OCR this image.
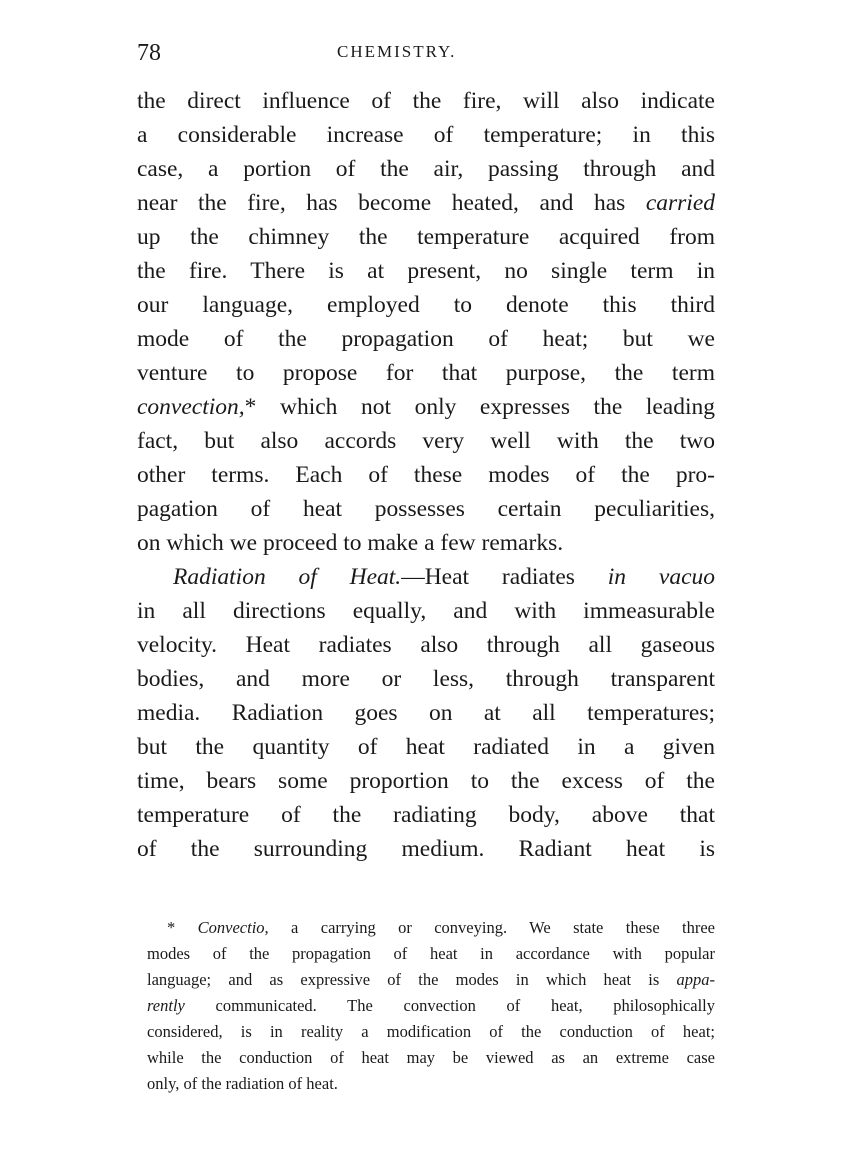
78	CHEMISTRY.
the direct influence of the fire, will also indicate
a considerable increase of temperature; in this
case, a portion of the air, passing through and
near the fire, has become heated, and has carried
up the chimney the temperature acquired from
the fire. There is at present, no single term in
our language, employed to denote this third
mode of the propagation of heat; but we
venture to propose for that purpose, the term
convection,* which not only expresses the leading
fact, but also accords very well with the two
other terms. Each of these modes of the pro-
pagation of heat possesses certain peculiarities,
on which we proceed to make a few remarks.
Radiation of Heat.—Heat radiates in vacuo
in all directions equally, and with immeasurable
velocity. Heat radiates also through all gaseous
bodies, and more or less, through transparent
media. Radiation goes on at all temperatures;
but the quantity of heat radiated in a given
time, bears some proportion to the excess of the
temperature of the radiating body, above that
of the surrounding medium. Radiant heat is
* Convectio, a carrying or conveying. We state these three
modes of the propagation of heat in accordance with popular
language; and as expressive of the modes in which heat is appa-
rently communicated. The convection of heat, philosophically
considered, is in reality a modification of the conduction of heat;
while the conduction of heat may be viewed as an extreme case
only, of the radiation of heat.
